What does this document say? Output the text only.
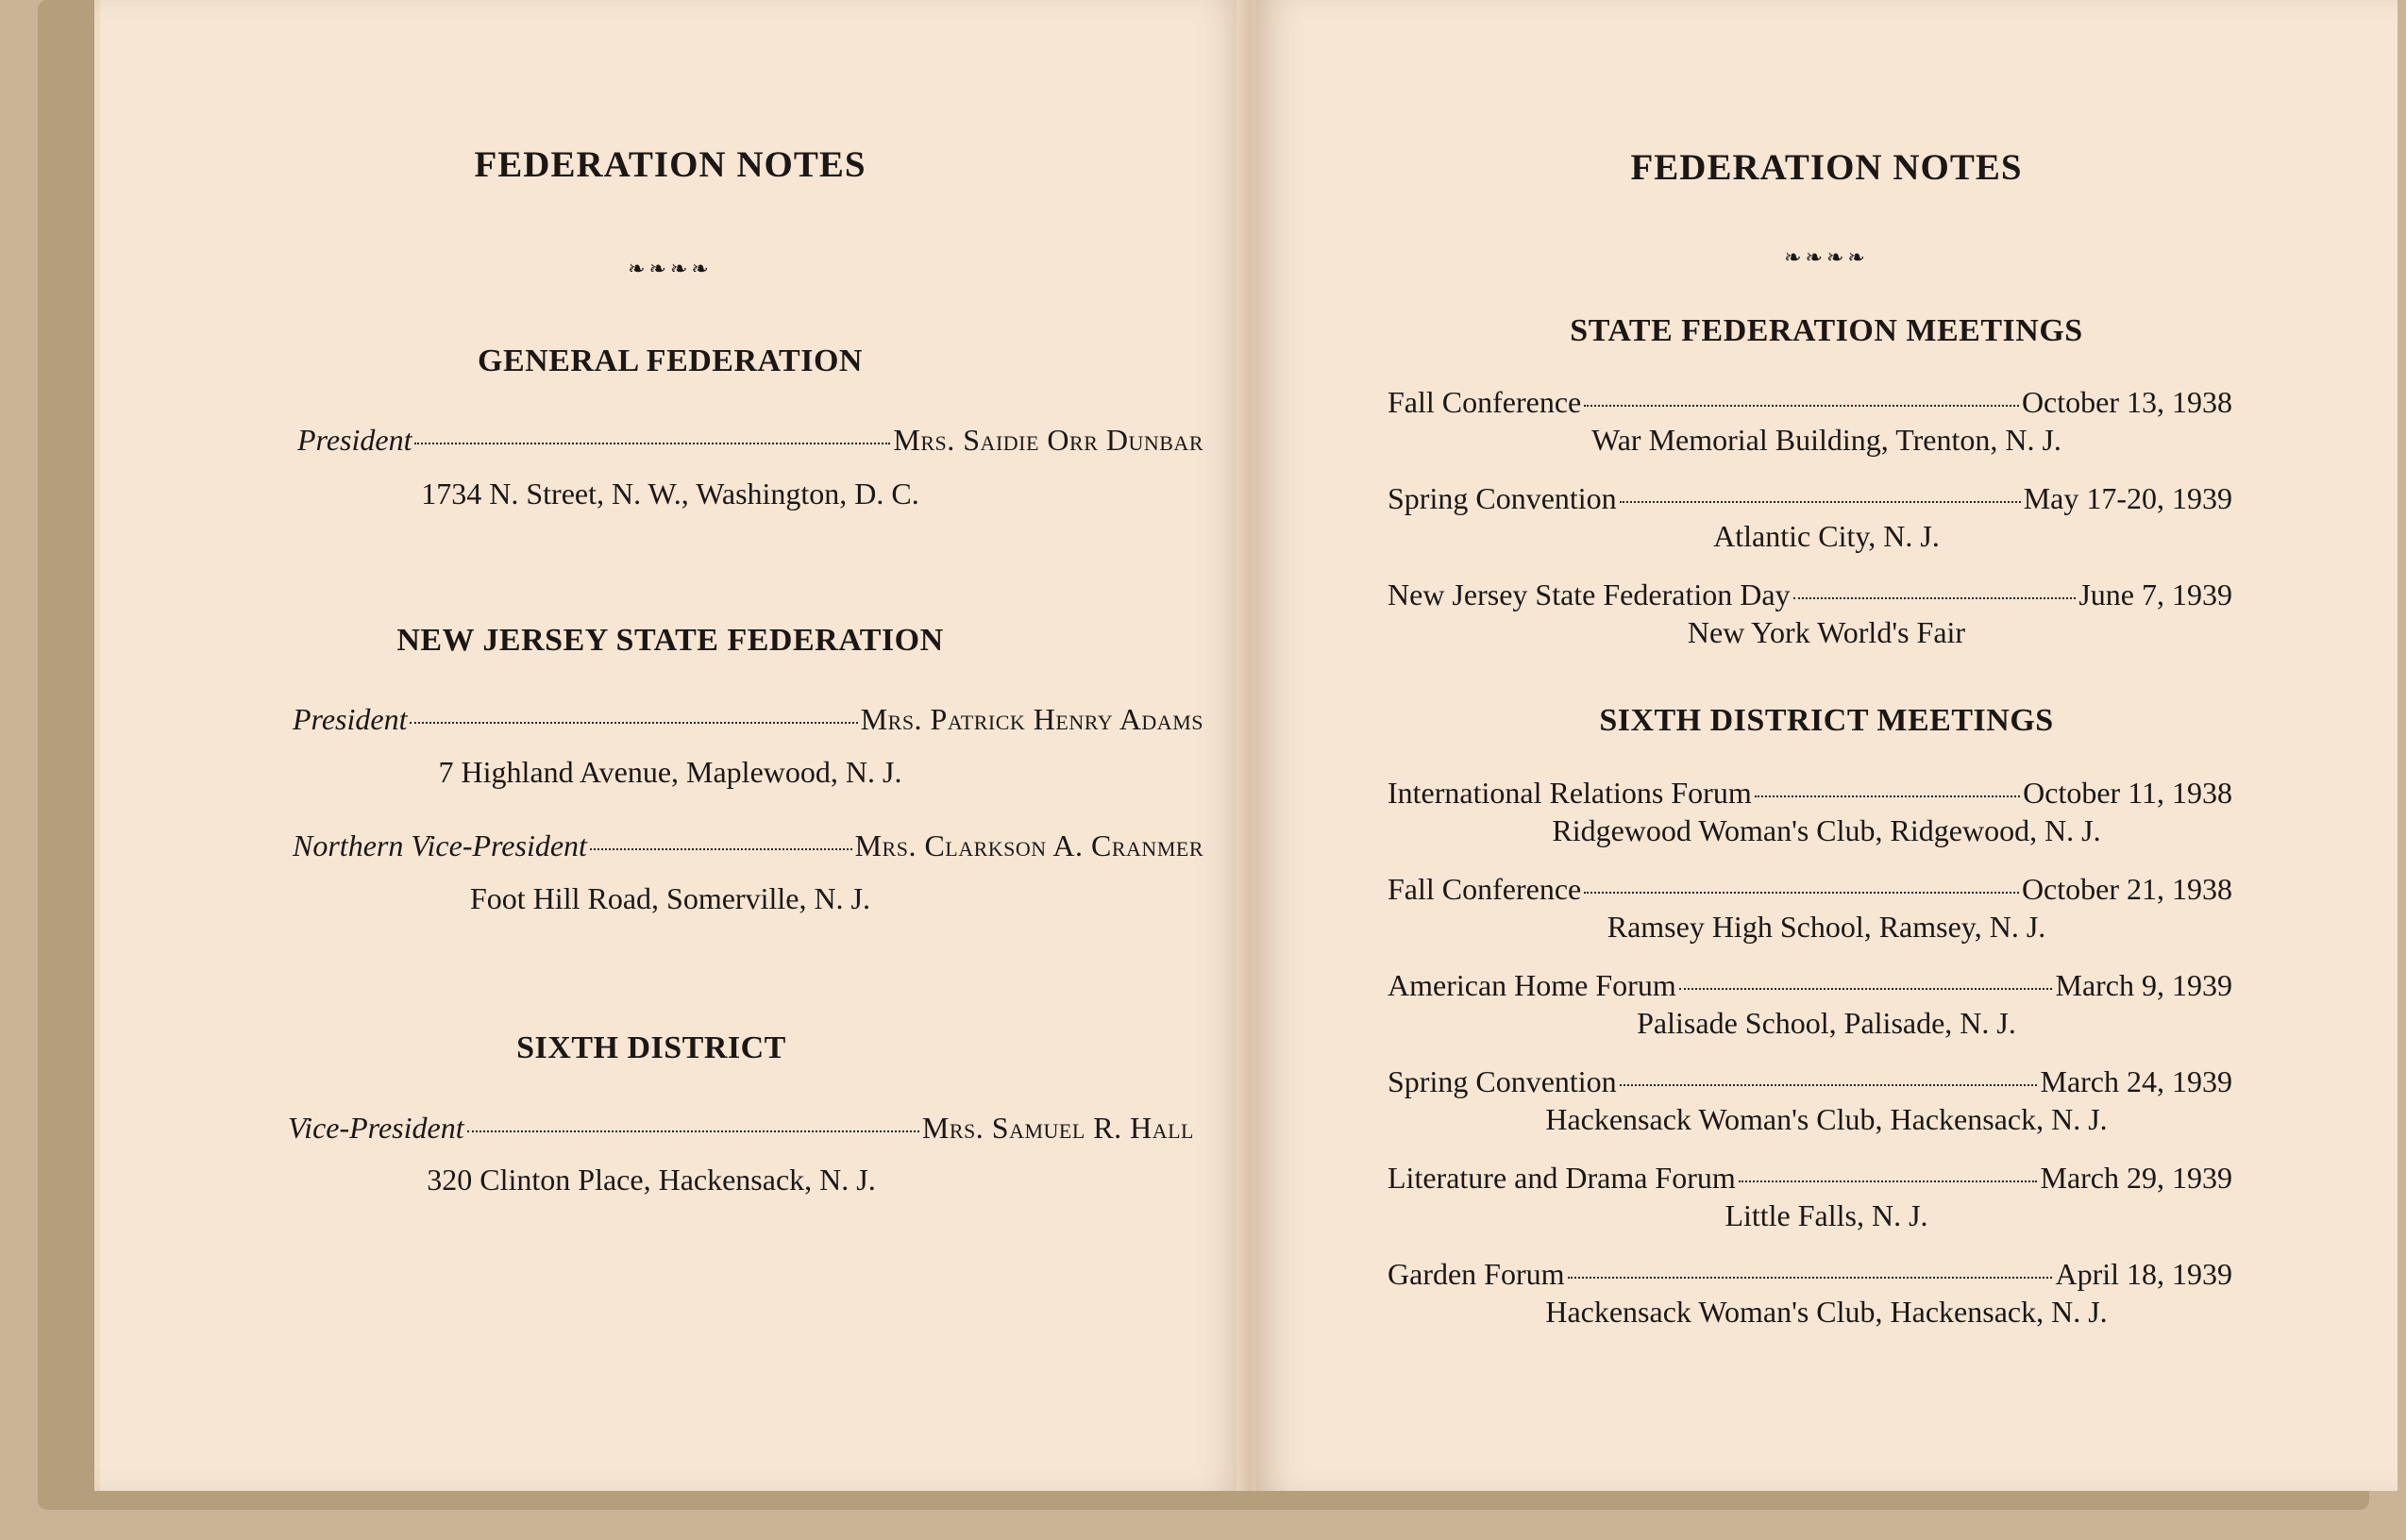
FEDERATION NOTES
❧❧❧❧
GENERAL FEDERATION
President	Mrs. Saidie Orr Dunbar
1734 N. Street, N. W., Washington, D. C.
NEW JERSEY STATE FEDERATION
President	Mrs. Patrick Henry Adams
7 Highland Avenue, Maplewood, N. J.
Northern Vice-President	Mrs. Clarkson A. Cranmer
Foot Hill Road, Somerville, N. J.
SIXTH DISTRICT
Vice-President	Mrs. Samuel R. Hall
320 Clinton Place, Hackensack, N. J.
FEDERATION NOTES
❧❧❧❧
STATE FEDERATION MEETINGS
Fall Conference	October 13, 1938
War Memorial Building, Trenton, N. J.
Spring Convention	May 17-20, 1939
Atlantic City, N. J.
New Jersey State Federation Day	June 7, 1939
New York World's Fair
SIXTH DISTRICT MEETINGS
International Relations Forum	October 11, 1938
Ridgewood Woman's Club, Ridgewood, N. J.
Fall Conference	October 21, 1938
Ramsey High School, Ramsey, N. J.
American Home Forum	March 9, 1939
Palisade School, Palisade, N. J.
Spring Convention	March 24, 1939
Hackensack Woman's Club, Hackensack, N. J.
Literature and Drama Forum	March 29, 1939
Little Falls, N. J.
Garden Forum	April 18, 1939
Hackensack Woman's Club, Hackensack, N. J.
